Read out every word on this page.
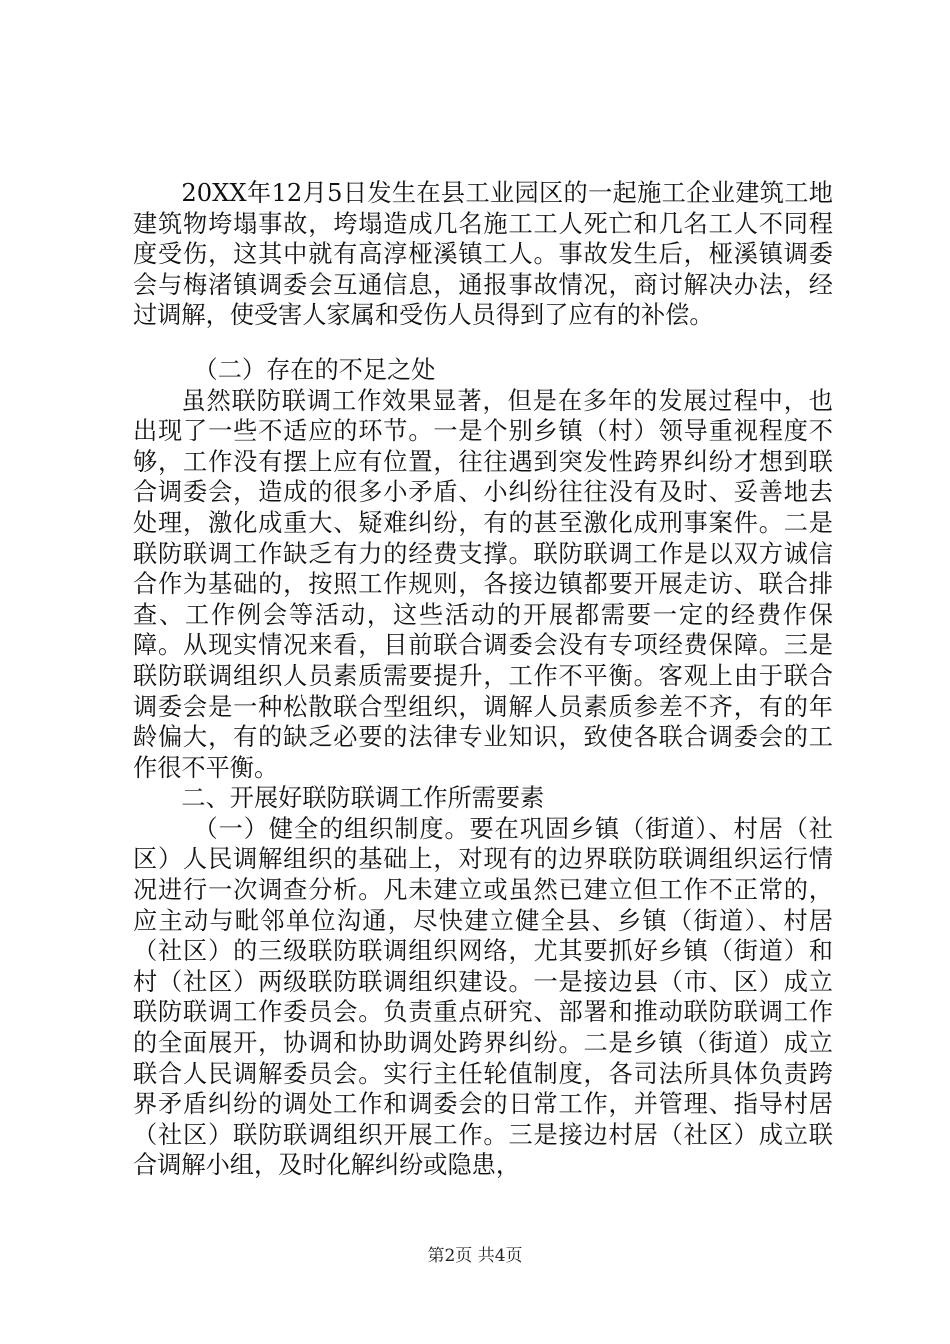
20XX年12月5日发生在县工业园区的一起施工企业建筑工地建筑物垮塌事故，垮塌造成几名施工工人死亡和几名工人不同程度受伤，这其中就有高淳桠溪镇工人。事故发生后，桠溪镇调委会与梅渚镇调委会互通信息，通报事故情况，商讨解决办法，经过调解，使受害人家属和受伤人员得到了应有的补偿。

（二）存在的不足之处

虽然联防联调工作效果显著，但是在多年的发展过程中，也出现了一些不适应的环节。一是个别乡镇（村）领导重视程度不够，工作没有摆上应有位置，往往遇到突发性跨界纠纷才想到联合调委会，造成的很多小矛盾、小纠纷往往没有及时、妥善地去处理，激化成重大、疑难纠纷，有的甚至激化成刑事案件。二是联防联调工作缺乏有力的经费支撑。联防联调工作是以双方诚信合作为基础的，按照工作规则，各接边镇都要开展走访、联合排查、工作例会等活动，这些活动的开展都需要一定的经费作保障。从现实情况来看，目前联合调委会没有专项经费保障。三是联防联调组织人员素质需要提升，工作不平衡。客观上由于联合调委会是一种松散联合型组织，调解人员素质参差不齐，有的年龄偏大，有的缺乏必要的法律专业知识，致使各联合调委会的工作很不平衡。

二、开展好联防联调工作所需要素

（一）健全的组织制度。要在巩固乡镇（街道）、村居（社区）人民调解组织的基础上，对现有的边界联防联调组织运行情况进行一次调查分析。凡未建立或虽然已建立但工作不正常的，应主动与毗邻单位沟通，尽快建立健全县、乡镇（街道）、村居（社区）的三级联防联调组织网络，尤其要抓好乡镇（街道）和村（社区）两级联防联调组织建设。一是接边县（市、区）成立联防联调工作委员会。负责重点研究、部署和推动联防联调工作的全面展开，协调和协助调处跨界纠纷。二是乡镇（街道）成立联合人民调解委员会。实行主任轮值制度，各司法所具体负责跨界矛盾纠纷的调处工作和调委会的日常工作，并管理、指导村居（社区）联防联调组织开展工作。三是接边村居（社区）成立联合调解小组，及时化解纠纷或隐患，

第2页 共4页
